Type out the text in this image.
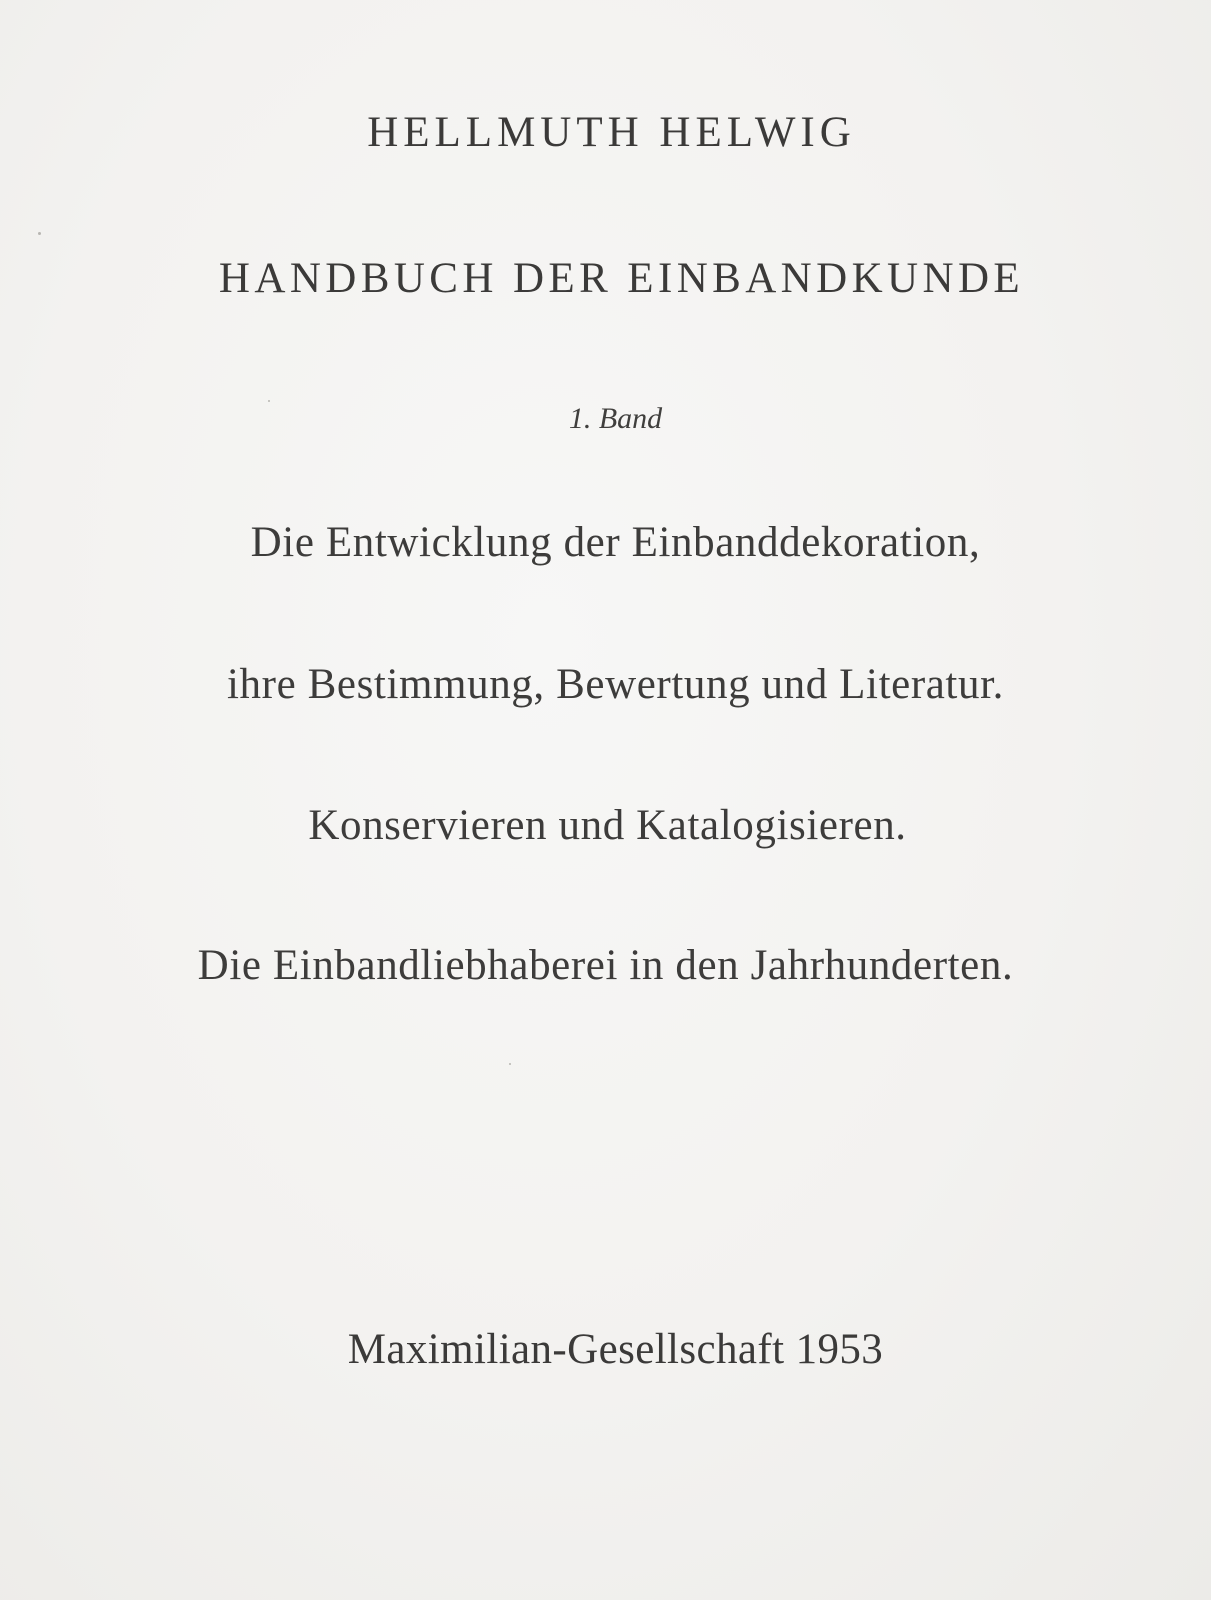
HELLMUTH HELWIG

HANDBUCH DER EINBANDKUNDE

1. Band

Die Entwicklung der Einbanddekoration,

ihre Bestimmung, Bewertung und Literatur.

Konservieren und Katalogisieren.

Die Einbandliebhaberei in den Jahrhunderten.

Maximilian-Gesellschaft 1953
